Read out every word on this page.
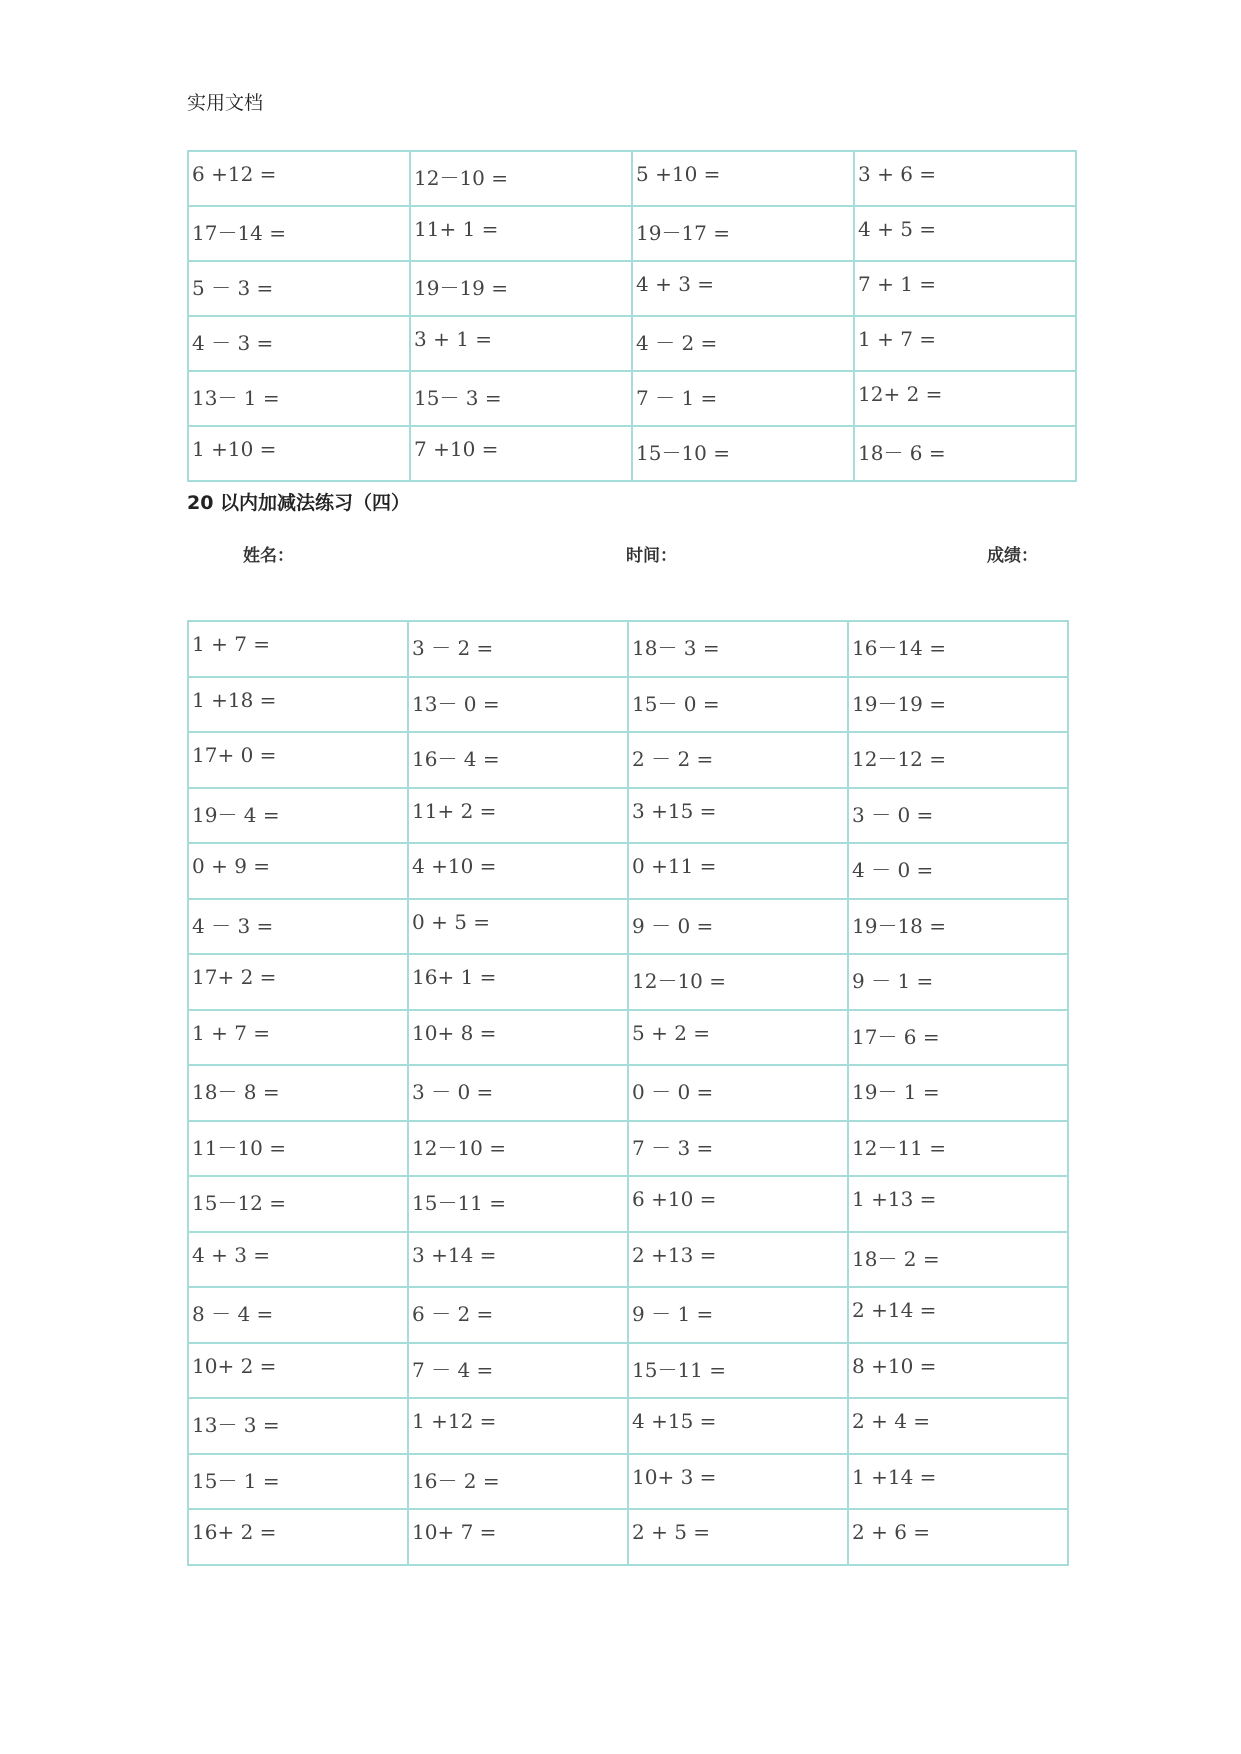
实用文档
6 +12 =	12－10 =	5 +10 =	3 + 6 =

17－14 =	11+ 1 =	19－17 =	4 + 5 =

5 － 3 =	19－19 =	4 + 3 =	7 + 1 =

4 － 3 =	3 + 1 =	4 － 2 =	1 + 7 =

13－ 1 =	15－ 3 =	7 － 1 =	12+ 2 =

1 +10 =	7 +10 =	15－10 =	18－ 6 =
20 以内加减法练习（四）
姓名：	时间：	成绩：
1 + 7 =	3 － 2 =	18－ 3 =	16－14 =

1 +18 =	13－ 0 =	15－ 0 =	19－19 =

17+ 0 =	16－ 4 =	2 － 2 =	12－12 =

19－ 4 =	11+ 2 =	3 +15 =	3 － 0 =

0 + 9 =	4 +10 =	0 +11 =	4 － 0 =

4 － 3 =	0 + 5 =	9 － 0 =	19－18 =

17+ 2 =	16+ 1 =	12－10 =	9 － 1 =

1 + 7 =	10+ 8 =	5 + 2 =	17－ 6 =

18－ 8 =	3 － 0 =	0 － 0 =	19－ 1 =

11－10 =	12－10 =	7 － 3 =	12－11 =

15－12 =	15－11 =	6 +10 =	1 +13 =

4 + 3 =	3 +14 =	2 +13 =	18－ 2 =

8 － 4 =	6 － 2 =	9 － 1 =	2 +14 =

10+ 2 =	7 － 4 =	15－11 =	8 +10 =

13－ 3 =	1 +12 =	4 +15 =	2 + 4 =

15－ 1 =	16－ 2 =	10+ 3 =	1 +14 =

16+ 2 =	10+ 7 =	2 + 5 =	2 + 6 =
